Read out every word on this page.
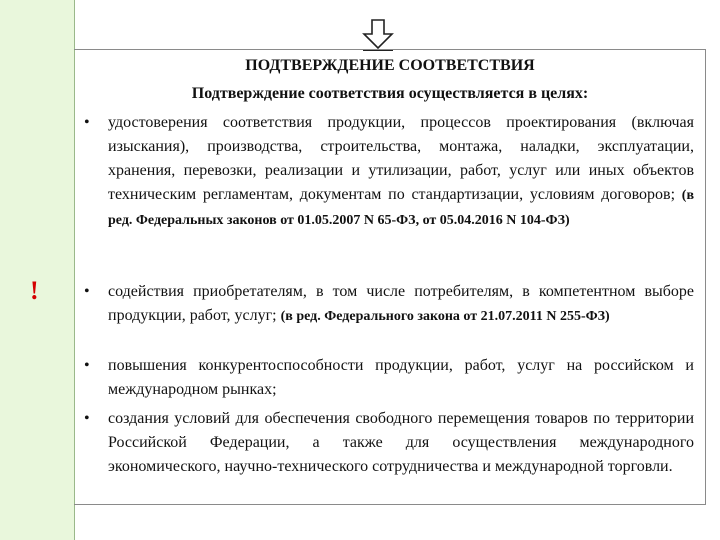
!
ПОДТВЕРЖДЕНИЕ СООТВЕТСТВИЯ
Подтверждение соответствия осуществляется в целях:
•	удостоверения соответствия продукции, процессов проектирования (включая изыскания), производства, строительства, монтажа, наладки, эксплуатации, хранения, перевозки, реализации и утилизации, работ, услуг или иных объектов техническим регламентам, документам по стандартизации, условиям договоров; (в ред. Федеральных законов от 01.05.2007 N 65-ФЗ, от 05.04.2016 N 104-ФЗ)
•	содействия приобретателям, в том числе потребителям, в компетентном выборе продукции, работ, услуг; (в ред. Федерального закона от 21.07.2011 N 255-ФЗ)
•	повышения конкурентоспособности продукции, работ, услуг на российском и международном рынках;
•	создания условий для обеспечения свободного перемещения товаров по территории Российской Федерации, а также для осуществления международного экономического, научно-технического сотрудничества и международной торговли.
